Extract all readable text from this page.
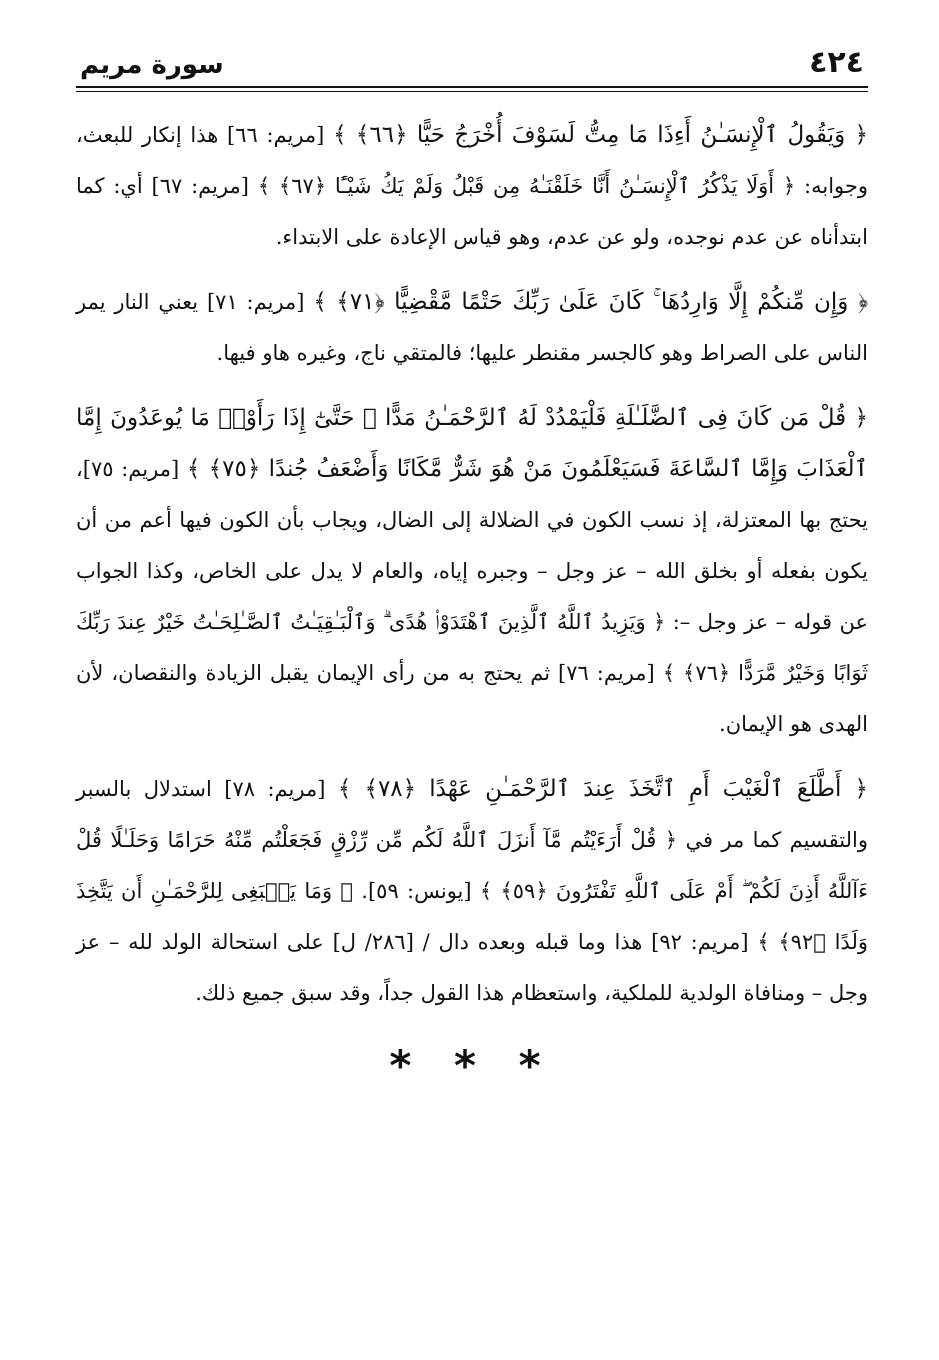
٤٢٤
سورة مريم

﴿ وَيَقُولُ ٱلْإِنسَـٰنُ أَءِذَا مَا مِتُّ لَسَوْفَ أُخْرَجُ حَيًّا ﴿٦٦﴾ ﴾ [مريم: ٦٦] هذا إنكار للبعث، وجوابه: ﴿ أَوَلَا يَذْكُرُ ٱلْإِنسَـٰنُ أَنَّا خَلَقْنَـٰهُ مِن قَبْلُ وَلَمْ يَكُ شَيْـًٔا ﴿٦٧﴾ ﴾ [مريم: ٦٧] أي: كما ابتدأناه عن عدم نوجده، ولو عن عدم، وهو قياس الإعادة على الابتداء.

﴿ وَإِن مِّنكُمْ إِلَّا وَارِدُهَا ۚ كَانَ عَلَىٰ رَبِّكَ حَتْمًا مَّقْضِيًّا ﴿٧١﴾ ﴾ [مريم: ٧١] يعني النار يمر الناس على الصراط وهو كالجسر مقنطر عليها؛ فالمتقي ناج، وغيره هاو فيها.

﴿ قُلْ مَن كَانَ فِى ٱلضَّلَـٰلَةِ فَلْيَمْدُدْ لَهُ ٱلرَّحْمَـٰنُ مَدًّا ۚ حَتَّىٰٓ إِذَا رَأَوْا۟ مَا يُوعَدُونَ إِمَّا ٱلْعَذَابَ وَإِمَّا ٱلسَّاعَةَ فَسَيَعْلَمُونَ مَنْ هُوَ شَرٌّ مَّكَانًا وَأَضْعَفُ جُندًا ﴿٧٥﴾ ﴾ [مريم: ٧٥]، يحتج بها المعتزلة، إذ نسب الكون في الضلالة إلى الضال، ويجاب بأن الكون فيها أعم من أن يكون بفعله أو بخلق الله – عز وجل – وجبره إياه، والعام لا يدل على الخاص، وكذا الجواب عن قوله – عز وجل –: ﴿ وَيَزِيدُ ٱللَّهُ ٱلَّذِينَ ٱهْتَدَوْا۟ هُدًى ۗ وَٱلْبَـٰقِيَـٰتُ ٱلصَّـٰلِحَـٰتُ خَيْرٌ عِندَ رَبِّكَ ثَوَابًا وَخَيْرٌ مَّرَدًّا ﴿٧٦﴾ ﴾ [مريم: ٧٦] ثم يحتج به من رأى الإيمان يقبل الزيادة والنقصان، لأن الهدى هو الإيمان.

﴿ أَطَّلَعَ ٱلْغَيْبَ أَمِ ٱتَّخَذَ عِندَ ٱلرَّحْمَـٰنِ عَهْدًا ﴿٧٨﴾ ﴾ [مريم: ٧٨] استدلال بالسبر والتقسيم كما مر في ﴿ قُلْ أَرَءَيْتُم مَّآ أَنزَلَ ٱللَّهُ لَكُم مِّن رِّزْقٍ فَجَعَلْتُم مِّنْهُ حَرَامًا وَحَلَـٰلًا قُلْ ءَآللَّهُ أَذِنَ لَكُمْ ۖ أَمْ عَلَى ٱللَّهِ تَفْتَرُونَ ﴿٥٩﴾ ﴾ [يونس: ٥٩]. ﴿ وَمَا يَنۢبَغِى لِلرَّحْمَـٰنِ أَن يَتَّخِذَ وَلَدًا ﴿٩٢﴾ ﴾ [مريم: ٩٢] هذا وما قبله وبعده دال / [٢٨٦/ ل] على استحالة الولد لله – عز وجل – ومنافاة الولدية للملكية، واستعظام هذا القول جداً، وقد سبق جميع ذلك.

* * *
